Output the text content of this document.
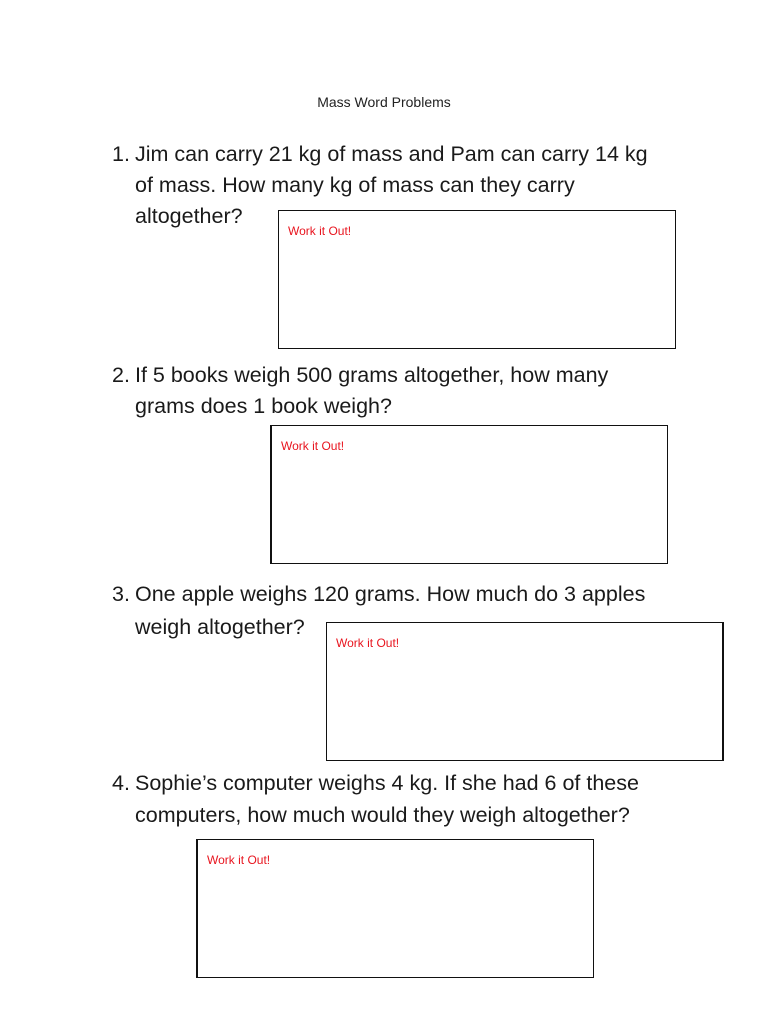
Mass Word Problems
1. Jim can carry 21 kg of mass and Pam can carry 14 kg
of mass. How many kg of mass can they carry
altogether?
Work it Out!
2. If 5 books weigh 500 grams altogether, how many
grams does 1 book weigh?
Work it Out!
3. One apple weighs 120 grams. How much do 3 apples
weigh altogether?
Work it Out!
4. Sophie’s computer weighs 4 kg. If she had 6 of these
computers, how much would they weigh altogether?
Work it Out!
